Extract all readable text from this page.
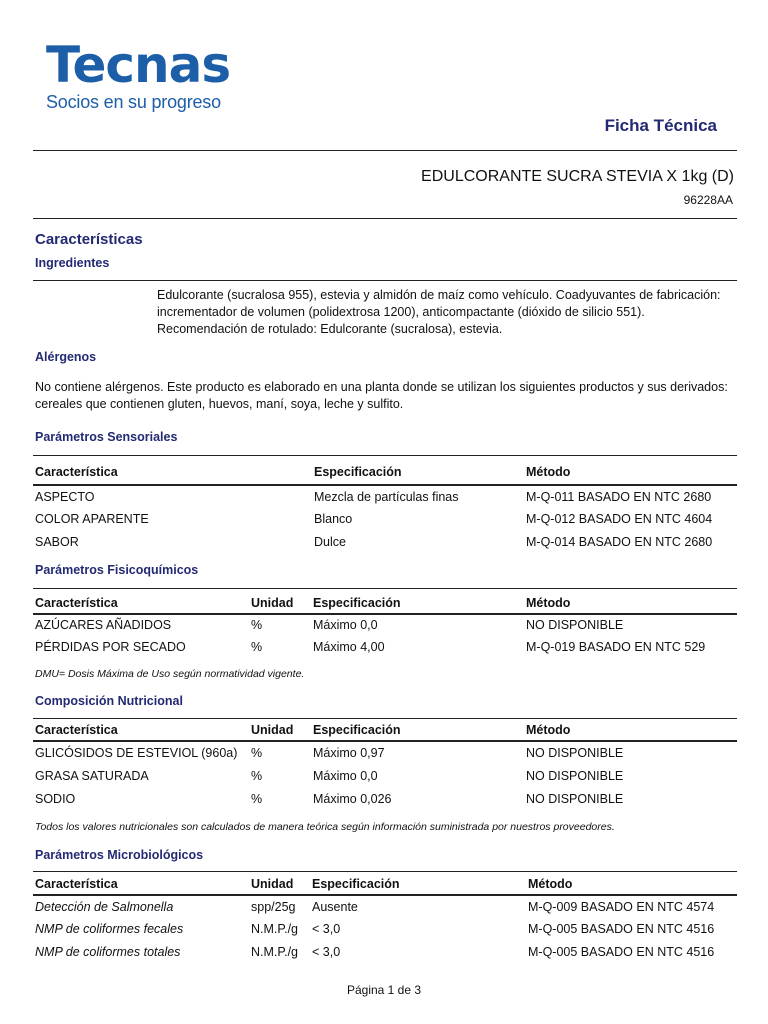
Tecnas
Socios en su progreso
Ficha Técnica
EDULCORANTE SUCRA STEVIA X 1kg (D)
96228AA
Características
Ingredientes
Edulcorante (sucralosa 955), estevia y almidón de maíz como vehículo. Coadyuvantes de fabricación:
incrementador de volumen (polidextrosa 1200), anticompactante (dióxido de silicio 551).
Recomendación de rotulado: Edulcorante (sucralosa), estevia.
Alérgenos
No contiene alérgenos. Este producto es elaborado en una planta donde se utilizan los siguientes productos y sus derivados:
cereales que contienen gluten, huevos, maní, soya, leche y sulfito.
Parámetros Sensoriales
Característica	Especificación	Método
ASPECTO	Mezcla de partículas finas	M-Q-011 BASADO EN NTC 2680
COLOR APARENTE	Blanco	M-Q-012 BASADO EN NTC 4604
SABOR	Dulce	M-Q-014 BASADO EN NTC 2680
Parámetros Fisicoquímicos
Característica	Unidad Especificación	Método
AZÚCARES AÑADIDOS	%	Máximo 0,0	NO DISPONIBLE
PÉRDIDAS POR SECADO	%	Máximo 4,00	M-Q-019 BASADO EN NTC 529
DMU= Dosis Máxima de Uso según normatividad vigente.
Composición Nutricional
Característica	Unidad Especificación	Método
GLICÓSIDOS DE ESTEVIOL (960a) %	Máximo 0,97	NO DISPONIBLE
GRASA SATURADA	%	Máximo 0,0	NO DISPONIBLE
SODIO	%	Máximo 0,026	NO DISPONIBLE
Todos los valores nutricionales son calculados de manera teórica según información suministrada por nuestros proveedores.
Parámetros Microbiológicos
Característica	Unidad Especificación	Método
Detección de Salmonella	spp/25g Ausente	M-Q-009 BASADO EN NTC 4574
NMP de coliformes fecales	N.M.P./g < 3,0	M-Q-005 BASADO EN NTC 4516
NMP de coliformes totales	N.M.P./g < 3,0	M-Q-005 BASADO EN NTC 4516
Página 1 de 3
